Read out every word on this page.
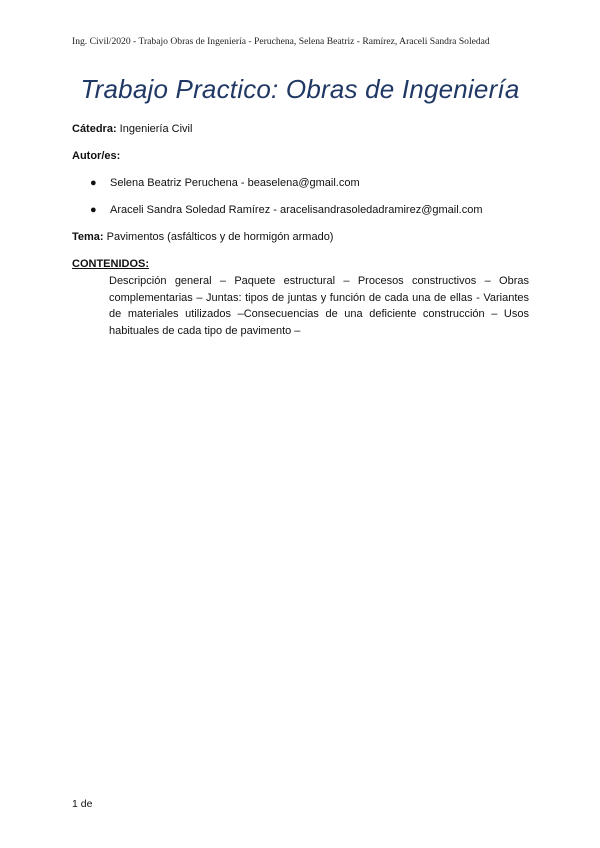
Ing. Civil/2020 - Trabajo Obras de Ingeniería - Peruchena, Selena Beatriz - Ramírez, Araceli Sandra Soledad
Trabajo Practico: Obras de Ingeniería
Cátedra: Ingeniería Civil
Autor/es:
● Selena Beatriz Peruchena - beaselena@gmail.com
● Araceli Sandra Soledad Ramírez - aracelisandrasoledadramirez@gmail.com
Tema: Pavimentos (asfálticos y de hormigón armado)
CONTENIDOS:
Descripción general – Paquete estructural – Procesos constructivos – Obras complementarias – Juntas: tipos de juntas y función de cada una de ellas - Variantes de materiales utilizados –Consecuencias de una deficiente construcción – Usos habituales de cada tipo de pavimento –
1 de
